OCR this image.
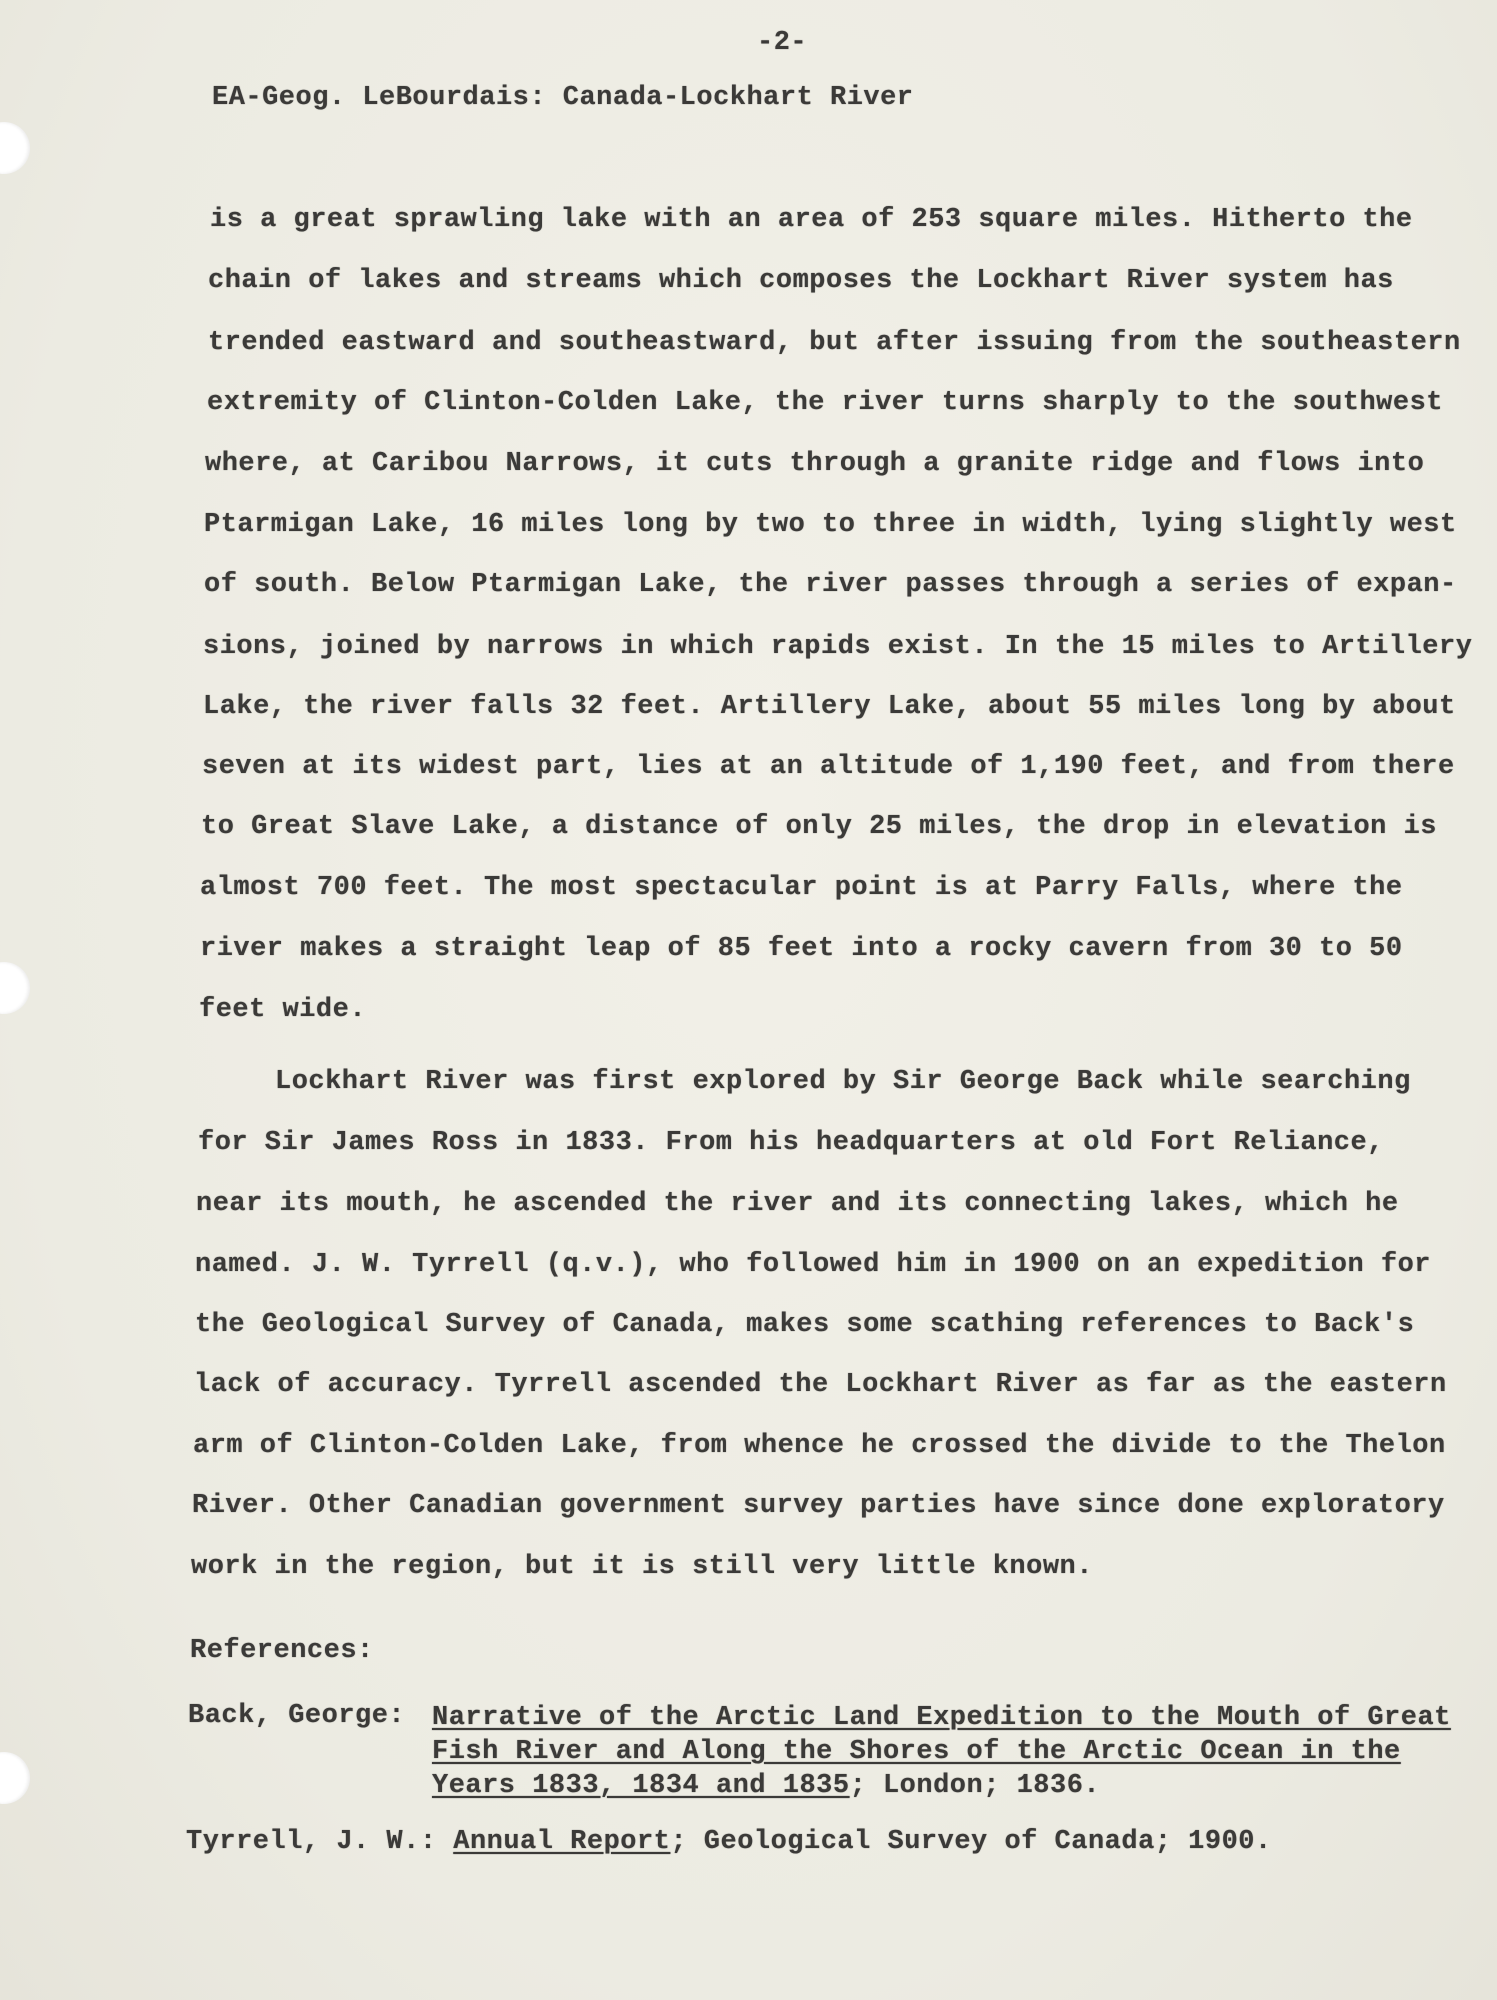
-2-
EA-Geog. LeBourdais: Canada-Lockhart River
is a great sprawling lake with an area of 253 square miles. Hitherto the
chain of lakes and streams which composes the Lockhart River system has
trended eastward and southeastward, but after issuing from the southeastern
extremity of Clinton-Colden Lake, the river turns sharply to the southwest
where, at Caribou Narrows, it cuts through a granite ridge and flows into
Ptarmigan Lake, 16 miles long by two to three in width, lying slightly west
of south. Below Ptarmigan Lake, the river passes through a series of expan-
sions, joined by narrows in which rapids exist. In the 15 miles to Artillery
Lake, the river falls 32 feet. Artillery Lake, about 55 miles long by about
seven at its widest part, lies at an altitude of 1,190 feet, and from there
to Great Slave Lake, a distance of only 25 miles, the drop in elevation is
almost 700 feet. The most spectacular point is at Parry Falls, where the
river makes a straight leap of 85 feet into a rocky cavern from 30 to 50
feet wide.
Lockhart River was first explored by Sir George Back while searching
for Sir James Ross in 1833. From his headquarters at old Fort Reliance,
near its mouth, he ascended the river and its connecting lakes, which he
named. J. W. Tyrrell (q.v.), who followed him in 1900 on an expedition for
the Geological Survey of Canada, makes some scathing references to Back's
lack of accuracy. Tyrrell ascended the Lockhart River as far as the eastern
arm of Clinton-Colden Lake, from whence he crossed the divide to the Thelon
River. Other Canadian government survey parties have since done exploratory
work in the region, but it is still very little known.
References:
Back, George: Narrative of the Arctic Land Expedition to the Mouth of Great
Fish River and Along the Shores of the Arctic Ocean in the
Years 1833, 1834 and 1835; London; 1836.
Tyrrell, J. W.: Annual Report; Geological Survey of Canada; 1900.
